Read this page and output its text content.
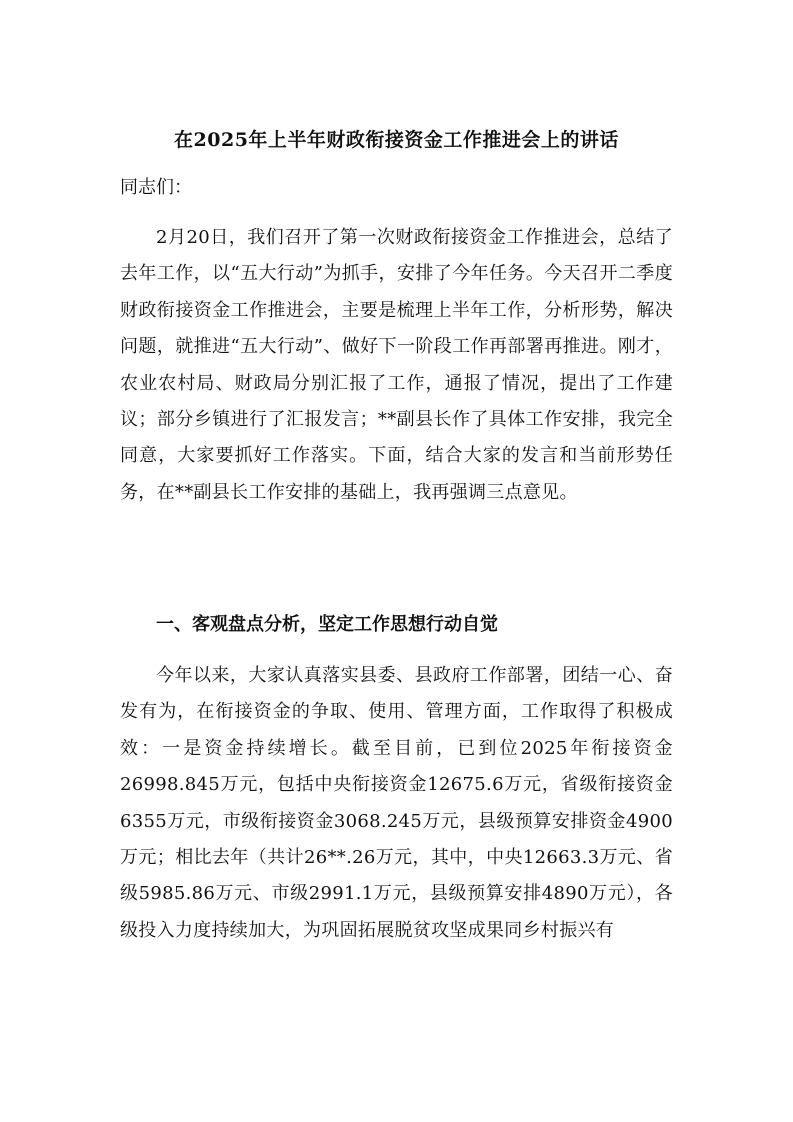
在2025年上半年财政衔接资金工作推进会上的讲话
同志们：
2月20日，我们召开了第一次财政衔接资金工作推进会，总结了去年工作，以“五大行动”为抓手，安排了今年任务。今天召开二季度财政衔接资金工作推进会，主要是梳理上半年工作，分析形势，解决问题，就推进“五大行动”、做好下一阶段工作再部署再推进。刚才，农业农村局、财政局分别汇报了工作，通报了情况，提出了工作建议；部分乡镇进行了汇报发言；**副县长作了具体工作安排，我完全同意，大家要抓好工作落实。下面，结合大家的发言和当前形势任务，在**副县长工作安排的基础上，我再强调三点意见。
一、客观盘点分析，坚定工作思想行动自觉
今年以来，大家认真落实县委、县政府工作部署，团结一心、奋发有为，在衔接资金的争取、使用、管理方面，工作取得了积极成效：一是资金持续增长。截至目前，已到位2025年衔接资金26998.845万元，包括中央衔接资金12675.6万元，省级衔接资金6355万元，市级衔接资金3068.245万元，县级预算安排资金4900万元；相比去年（共计26**.26万元，其中，中央12663.3万元、省级5985.86万元、市级2991.1万元，县级预算安排4890万元），各级投入力度持续加大，为巩固拓展脱贫攻坚成果同乡村振兴有
